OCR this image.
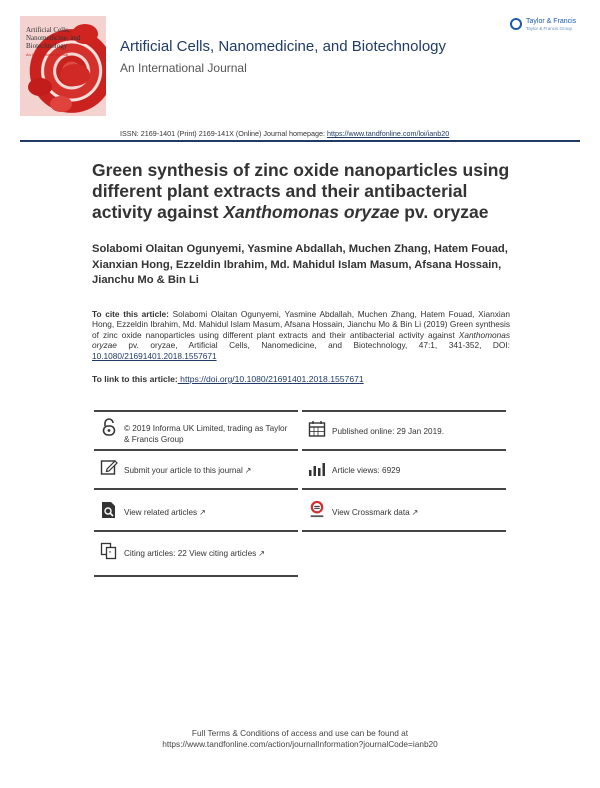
Artificial Cells, Nanomedicine, and Biotechnology
An International Journal	Artificial Cells, Nanomedicine, and Biotechnology
An International Journal
Taylor & Francis
Taylor & Francis Group
ISSN: 2169-1401 (Print) 2169-141X (Online) Journal homepage: https://www.tandfonline.com/loi/ianb20
Green synthesis of zinc oxide nanoparticles using different plant extracts and their antibacterial activity against Xanthomonas oryzae pv. oryzae
Solabomi Olaitan Ogunyemi, Yasmine Abdallah, Muchen Zhang, Hatem Fouad, Xianxian Hong, Ezzeldin Ibrahim, Md. Mahidul Islam Masum, Afsana Hossain, Jianchu Mo & Bin Li
To cite this article: Solabomi Olaitan Ogunyemi, Yasmine Abdallah, Muchen Zhang, Hatem Fouad, Xianxian Hong, Ezzeldin Ibrahim, Md. Mahidul Islam Masum, Afsana Hossain, Jianchu Mo & Bin Li (2019) Green synthesis of zinc oxide nanoparticles using different plant extracts and their antibacterial activity against Xanthomonas oryzae pv. oryzae, Artificial Cells, Nanomedicine, and Biotechnology, 47:1, 341-352, DOI: 10.1080/21691401.2018.1557671
To link to this article: https://doi.org/10.1080/21691401.2018.1557671
© 2019 Informa UK Limited, trading as Taylor & Francis Group
Published online: 29 Jan 2019.
Submit your article to this journal ↗	Article views: 6929
View related articles ↗	View Crossmark data ↗
" Citing articles: 22 View citing articles ↗
Full Terms & Conditions of access and use can be found at
https://www.tandfonline.com/action/journalInformation?journalCode=ianb20
